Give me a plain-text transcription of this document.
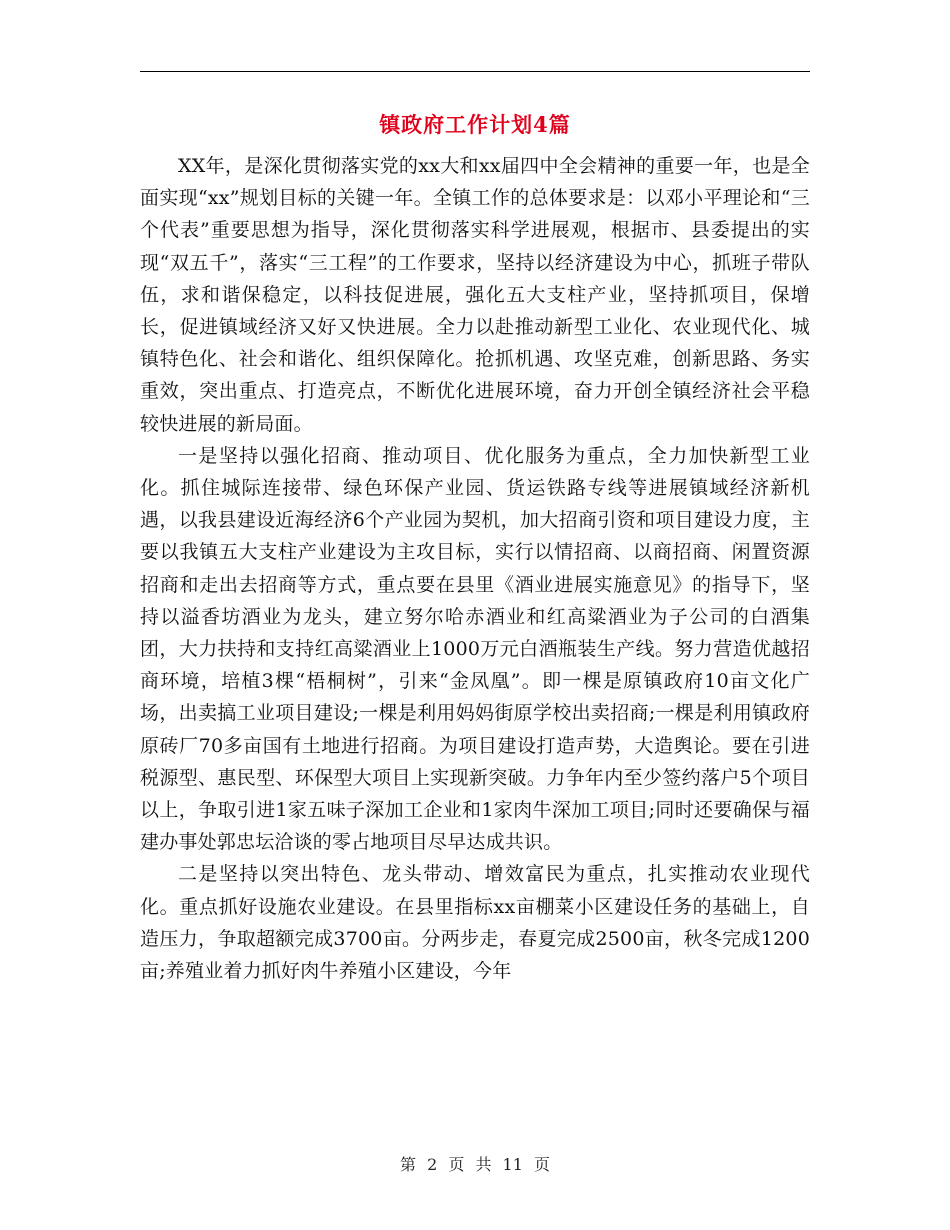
镇政府工作计划4篇

XX年，是深化贯彻落实党的xx大和xx届四中全会精神的重要一年，也是全面实现“xx”规划目标的关键一年。全镇工作的总体要求是：以邓小平理论和“三个代表”重要思想为指导，深化贯彻落实科学进展观，根据市、县委提出的实现“双五千”，落实“三工程”的工作要求，坚持以经济建设为中心，抓班子带队伍，求和谐保稳定，以科技促进展，强化五大支柱产业，坚持抓项目，保增长，促进镇域经济又好又快进展。全力以赴推动新型工业化、农业现代化、城镇特色化、社会和谐化、组织保障化。抢抓机遇、攻坚克难，创新思路、务实重效，突出重点、打造亮点，不断优化进展环境，奋力开创全镇经济社会平稳较快进展的新局面。

一是坚持以强化招商、推动项目、优化服务为重点，全力加快新型工业化。抓住城际连接带、绿色环保产业园、货运铁路专线等进展镇域经济新机遇，以我县建设近海经济6个产业园为契机，加大招商引资和项目建设力度，主要以我镇五大支柱产业建设为主攻目标，实行以情招商、以商招商、闲置资源招商和走出去招商等方式，重点要在县里《酒业进展实施意见》的指导下，坚持以溢香坊酒业为龙头，建立努尔哈赤酒业和红高粱酒业为子公司的白酒集团，大力扶持和支持红高粱酒业上1000万元白酒瓶装生产线。努力营造优越招商环境，培植3棵“梧桐树”，引来“金凤凰”。即一棵是原镇政府10亩文化广场，出卖搞工业项目建设;一棵是利用妈妈街原学校出卖招商;一棵是利用镇政府原砖厂70多亩国有土地进行招商。为项目建设打造声势，大造舆论。要在引进税源型、惠民型、环保型大项目上实现新突破。力争年内至少签约落户5个项目以上，争取引进1家五味子深加工企业和1家肉牛深加工项目;同时还要确保与福建办事处郭忠坛洽谈的零占地项目尽早达成共识。

二是坚持以突出特色、龙头带动、增效富民为重点，扎实推动农业现代化。重点抓好设施农业建设。在县里指标xx亩棚菜小区建设任务的基础上，自造压力，争取超额完成3700亩。分两步走，春夏完成2500亩，秋冬完成1200亩;养殖业着力抓好肉牛养殖小区建设，今年

第 2 页 共 11 页
